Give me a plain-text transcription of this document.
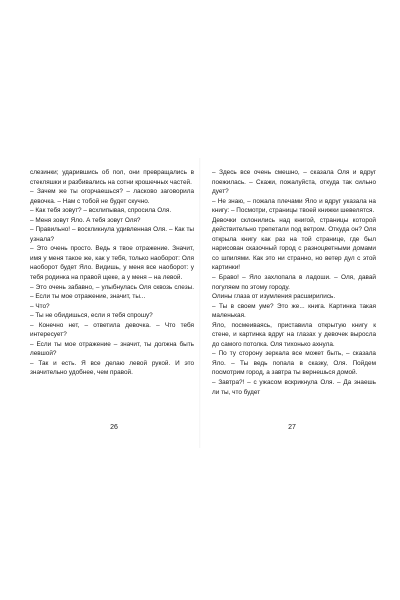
слезинки; ударившись об пол, они превращались в стекляшки и разбивались на сотни крошечных частей.

– Зачем же ты огорчаешься? – ласково заговорила девочка. – Нам с тобой не будет скучно.

– Как тебя зовут? – всхлипывая, спросила Оля.

– Меня зовут Яло. А тебя зовут Оля?

– Правильно! – воскликнула удивленная Оля. – Как ты узнала?

– Это очень просто. Ведь я твое отражение. Значит, имя у меня такое же, как у тебя, только наоборот: Оля наоборот будет Яло. Видишь, у меня все наоборот: у тебя родинка на правой щеке, а у меня – на левой.

– Это очень забавно, – улыбнулась Оля сквозь слезы. – Если ты мое отражение, значит, ты...

– Что?

– Ты не обидишься, если я тебя спрошу?

– Конечно нет, – ответила девочка. – Что тебя интересует?

– Если ты мое отражение – значит, ты должна быть левшой?

– Так и есть. Я все делаю левой рукой. И это значительно удобнее, чем правой.

26

– Здесь все очень смешно, – сказала Оля и вдруг поежилась. – Скажи, пожалуйста, откуда так сильно дует?

– Не знаю, – пожала плечами Яло и вдруг указала на книгу: – Посмотри, страницы твоей книжки шевелятся.

Девочки склонились над книгой, страницы которой действительно трепетали под ветром. Откуда он? Оля открыла книгу как раз на той странице, где был нарисован сказочный город с разноцветными домами со шпилями. Как это ни странно, но ветер дул с этой картинки!

– Браво! – Яло захлопала в ладоши. – Оля, давай погуляем по этому городу.

Олины глаза от изумления расширились.

– Ты в своем уме? Это же... книга. Картинка такая маленькая.

Яло, посмеиваясь, приставила открытую книгу к стене, и картинка вдруг на глазах у девочек выросла до самого потолка. Оля тихонько ахнула.

– По ту сторону зеркала все может быть, – сказала Яло. – Ты ведь попала в сказку, Оля. Пойдем посмотрим город, а завтра ты вернешься домой.

– Завтра?! – с ужасом вскрикнула Оля. – Да знаешь ли ты, что будет

27
